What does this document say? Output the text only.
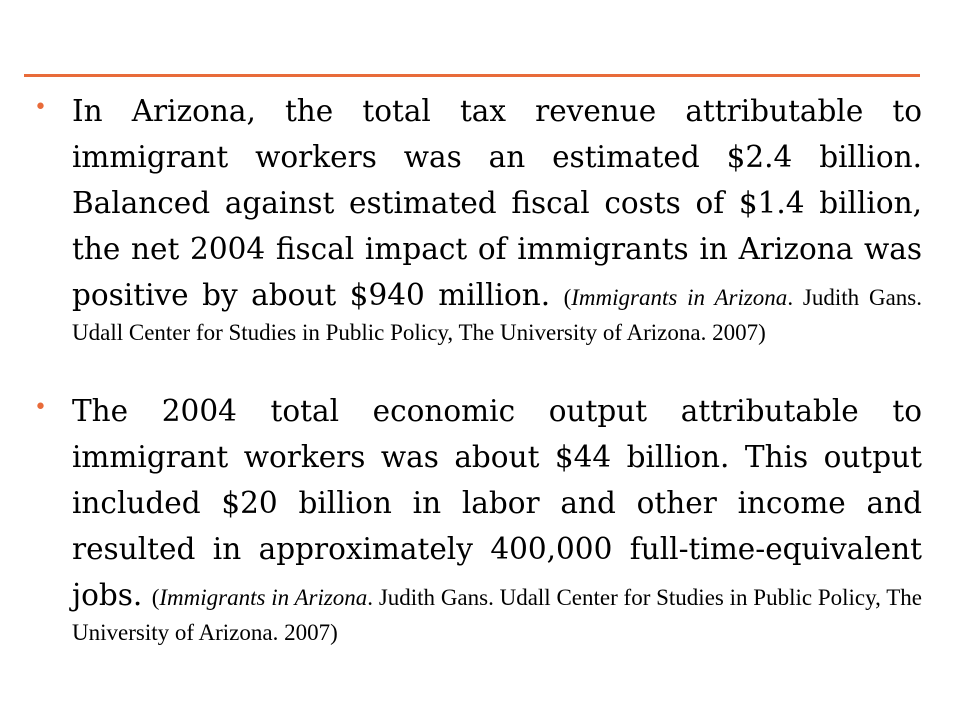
• In Arizona, the total tax revenue attributable to immigrant workers was an estimated $2.4 billion. Balanced against estimated fiscal costs of $1.4 billion, the net 2004 fiscal impact of immigrants in Arizona was positive by about $940 million. (Immigrants in Arizona. Judith Gans. Udall Center for Studies in Public Policy, The University of Arizona. 2007)
• The 2004 total economic output attributable to immigrant workers was about $44 billion. This output included $20 billion in labor and other income and resulted in approximately 400,000 full-time-equivalent jobs. (Immigrants in Arizona. Judith Gans. Udall Center for Studies in Public Policy, The University of Arizona. 2007)
